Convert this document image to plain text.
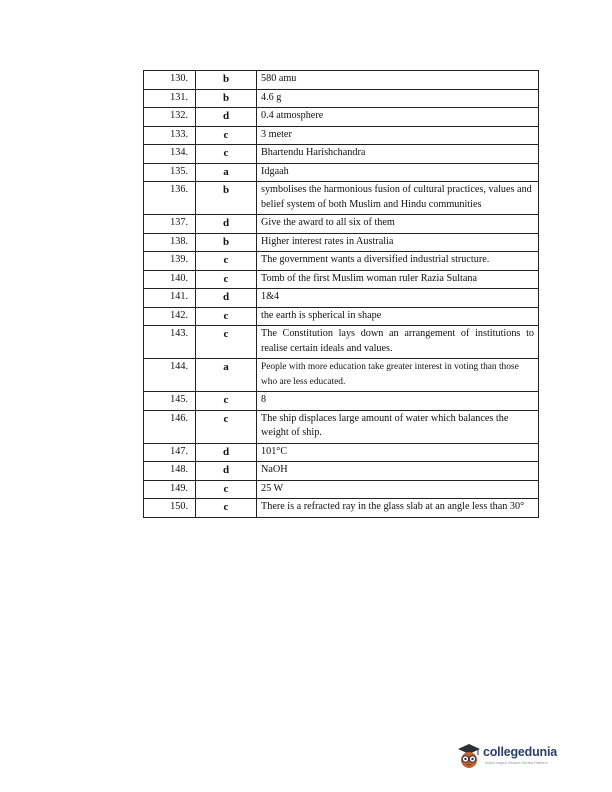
130.	b	580 amu
131.	b	4.6 g
132.	d	0.4 atmosphere
133.	c	3 meter
134.	c	Bhartendu Harishchandra
135.	a	Idgaah
136.	b	symbolises the harmonious fusion of cultural practices, values and belief system of both Muslim and Hindu communities
137.	d	Give the award to all six of them
138.	b	Higher interest rates in Australia
139.	c	The government wants a diversified industrial structure.
140.	c	Tomb of the first Muslim woman ruler Razia Sultana
141.	d	1&4
142.	c	the earth is spherical in shape
143.	c	The Constitution lays down an arrangement of institutions to realise certain ideals and values.
144.	a	People with more education take greater interest in voting than those who are less educated.
145.	c	8
146.	c	The ship displaces large amount of water which balances the weight of ship.
147.	d	101°C
148.	d	NaOH
149.	c	25 W
150.	c	There is a refracted ray in the glass slab at an angle less than 30°
collegedunia
India's largest Student Review Platform
